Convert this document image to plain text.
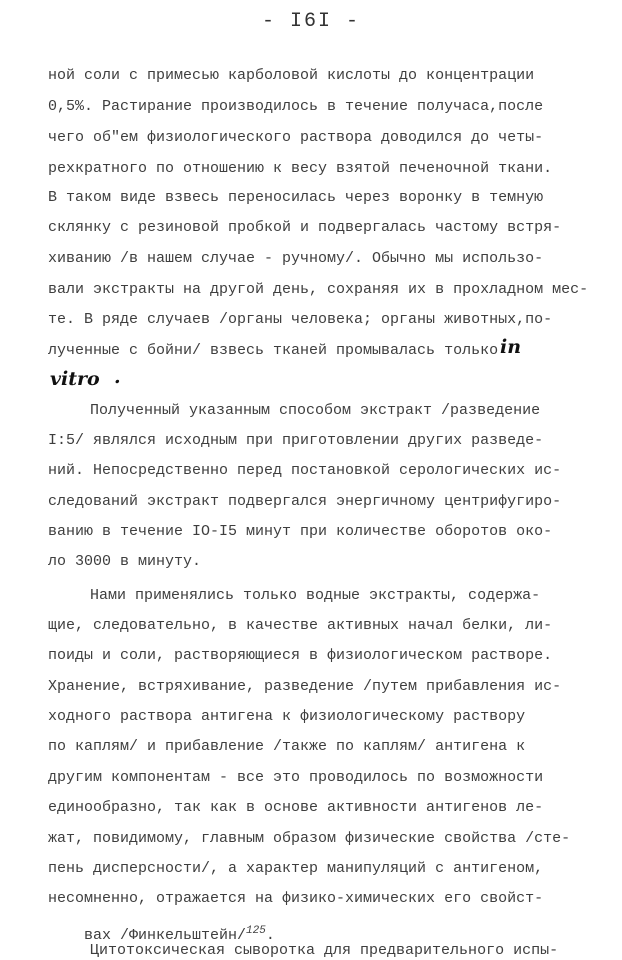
- I6I -
ной соли с примесью карболовой кислоты до концентрации
0,5%. Растирание производилось в течение получаса,после
чего об"ем физиологического раствора доводился до четы-
рехкратного по отношению к весу взятой печеночной ткани.
В таком виде взвесь переносилась через воронку в темную
склянку с резиновой пробкой и подвергалась частому встря-
хиванию /в нашем случае - ручному/. Обычно мы использо-
вали экстракты на другой день, сохраняя их в прохладном мес-
те. В ряде случаев /органы человека; органы животных,по-
лученные с бойни/ взвесь тканей промывалась только in
vitro .
Полученный указанным способом экстракт /разведение
I:5/ являлся исходным при приготовлении других разведе-
ний. Непосредственно перед постановкой серологических ис-
следований экстракт подвергался энергичному центрифугиро-
ванию в течение IO-I5 минут при количестве оборотов око-
ло 3000 в минуту.
Нами применялись только водные экстракты, содержа-
щие, следовательно, в качестве активных начал белки, ли-
поиды и соли, растворяющиеся в физиологическом растворе.
Хранение, встряхивание, разведение /путем прибавления ис-
ходного раствора антигена к физиологическому раствору
по каплям/ и прибавление /также по каплям/ антигена к
другим компонентам - все это проводилось по возможности
единообразно, так как в основе активности антигенов ле-
жат, повидимому, главным образом физические свойства /сте-
пень дисперсности/, а характер манипуляций с антигеном,
несомненно, отражается на физико-химических его свойст-

вах /Финкельштейн/$^{125}$.

Цитотоксическая сыворотка для предварительного испы-
